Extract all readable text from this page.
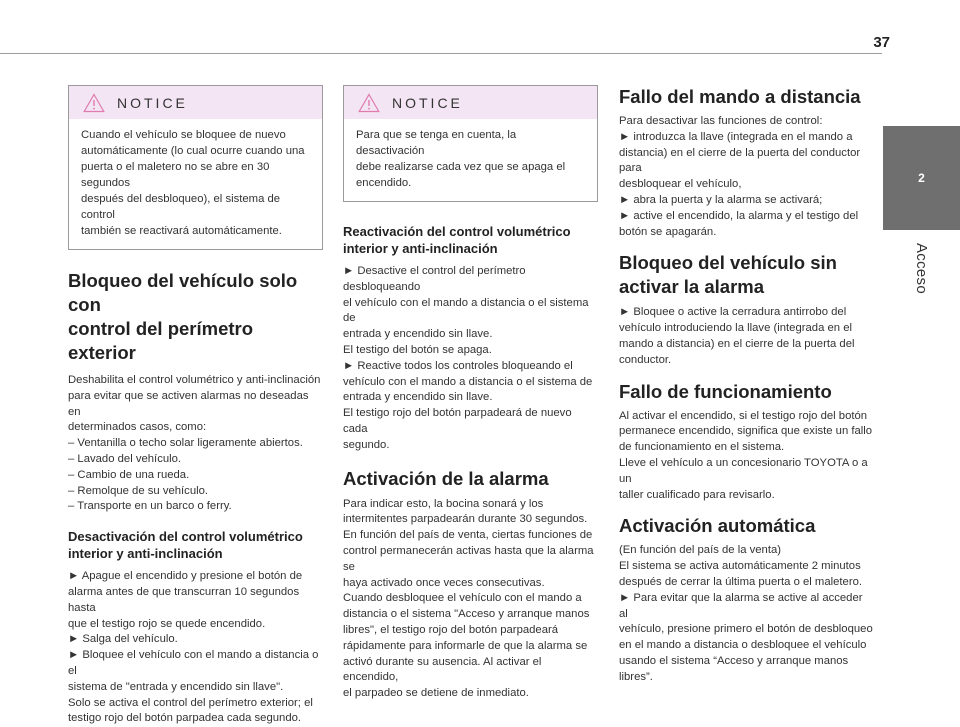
37
2
Acceso
NOTICE
Cuando el vehículo se bloquee de nuevo
automáticamente (lo cual ocurre cuando una
puerta o el maletero no se abre en 30 segundos
después del desbloqueo), el sistema de control
también se reactivará automáticamente.
Bloqueo del vehículo solo con
control del perímetro exterior
Deshabilita el control volumétrico y anti-inclinación
para evitar que se activen alarmas no deseadas en
determinados casos, como:
– Ventanilla o techo solar ligeramente abiertos.
– Lavado del vehículo.
– Cambio de una rueda.
– Remolque de su vehículo.
– Transporte en un barco o ferry.
Desactivación del control volumétrico
interior y anti-inclinación
► Apague el encendido y presione el botón de
alarma antes de que transcurran 10 segundos hasta
que el testigo rojo se quede encendido.
► Salga del vehículo.
► Bloquee el vehículo con el mando a distancia o el
sistema de "entrada y encendido sin llave".
Solo se activa el control del perímetro exterior; el
testigo rojo del botón parpadea cada segundo.
NOTICE
Para que se tenga en cuenta, la desactivación
debe realizarse cada vez que se apaga el
encendido.
Reactivación del control volumétrico
interior y anti-inclinación
► Desactive el control del perímetro desbloqueando
el vehículo con el mando a distancia o el sistema de
entrada y encendido sin llave.
El testigo del botón se apaga.
► Reactive todos los controles bloqueando el
vehículo con el mando a distancia o el sistema de
entrada y encendido sin llave.
El testigo rojo del botón parpadeará de nuevo cada
segundo.
Activación de la alarma
Para indicar esto, la bocina sonará y los
intermitentes parpadearán durante 30 segundos.
En función del país de venta, ciertas funciones de
control permanecerán activas hasta que la alarma se
haya activado once veces consecutivas.
Cuando desbloquee el vehículo con el mando a
distancia o el sistema "Acceso y arranque manos
libres", el testigo rojo del botón parpadeará
rápidamente para informarle de que la alarma se
activó durante su ausencia. Al activar el encendido,
el parpadeo se detiene de inmediato.
Fallo del mando a distancia
Para desactivar las funciones de control:
► introduzca la llave (integrada en el mando a
distancia) en el cierre de la puerta del conductor para
desbloquear el vehículo,
► abra la puerta y la alarma se activará;
► active el encendido, la alarma y el testigo del
botón se apagarán.
Bloqueo del vehículo sin
activar la alarma
► Bloquee o active la cerradura antirrobo del
vehículo introduciendo la llave (integrada en el
mando a distancia) en el cierre de la puerta del
conductor.
Fallo de funcionamiento
Al activar el encendido, si el testigo rojo del botón
permanece encendido, significa que existe un fallo
de funcionamiento en el sistema.
Lleve el vehículo a un concesionario TOYOTA o a un
taller cualificado para revisarlo.
Activación automática
(En función del país de la venta)
El sistema se activa automáticamente 2 minutos
después de cerrar la última puerta o el maletero.
► Para evitar que la alarma se active al acceder al
vehículo, presione primero el botón de desbloqueo
en el mando a distancia o desbloquee el vehículo
usando el sistema “Acceso y arranque manos libres”.
